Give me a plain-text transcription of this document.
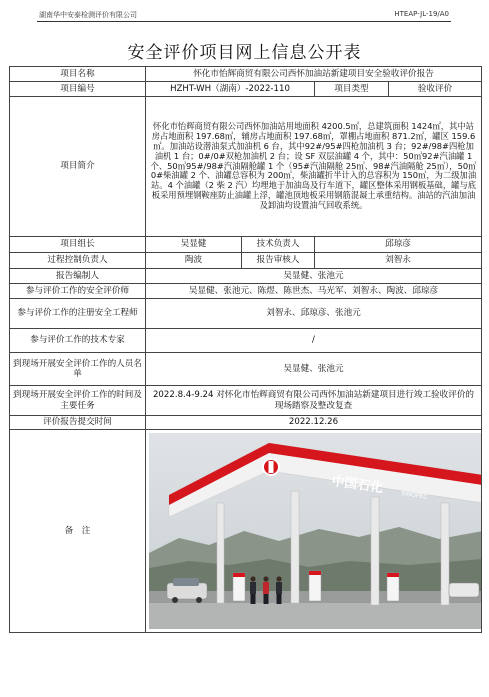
湖南华中安泰检测评价有限公司	HTEAP-JL-19/A0
安全评价项目网上信息公开表
项目名称	怀化市怡辉商贸有限公司西怀加油站新建项目安全验收评价报告			
项目编号	HZHT-WH（湖南）-2022-110		项目类型	验收评价
项目简介	怀化市怡辉商贸有限公司西怀加油站用地面积 4200.5㎡，总建筑面积 1424㎡，其中站房占地面积 197.68㎡，辅房占地面积 197.68㎡，罩棚占地面积 871.2㎡，罐区 159.6㎡。加油站设潜油泵式加油机 6 台，其中92#/95#四枪加油机 3 台；92#/98#四枪加油机 1 台；0#/0#双枪加油机 2 台；设 SF 双层油罐 4 个，其中：50㎥92#汽油罐 1 个、50㎥95#/98#汽油隔舱罐 1 个（95#汽油隔舱 25㎥、98#汽油隔舱 25㎥），50㎥0#柴油罐 2 个、油罐总容积为 200㎥，柴油罐折半计入的总容积为 150㎥，为二级加油站。4 个油罐（2 柴 2 汽）均埋地于加油岛及行车道下，罐区整体采用钢板基础，罐与底板采用预埋钢鞍座防止油罐上浮，罐池顶地板采用钢筋混凝土承重结构。油站的汽油加油及卸油均设置油气回收系统。			
项目组长	吴显健	技术负责人	邱琼彦	
过程控制负责人	陶波	报告审核人	刘智永	
报告编制人	吴显健、张池元			
参与评价工作的安全评价师	吴显健、张池元、陈煜、陈世杰、马光军、刘智永、陶波、邱琼彦			
参与评价工作的注册安全工程师	刘智永、邱琼彦、张池元			
参与评价工作的技术专家	/			
到现场开展安全评价工作的人员名单	吴显健、张池元			
到现场开展安全评价工作的时间及主要任务	2022.8.4-9.24 对怀化市怡辉商贸有限公司西怀加油站新建项目进行竣工验收评价的现场踏察及整改复查			
评价报告提交时间	2022.12.26			
备　注	中国石化 SINOPEC			
